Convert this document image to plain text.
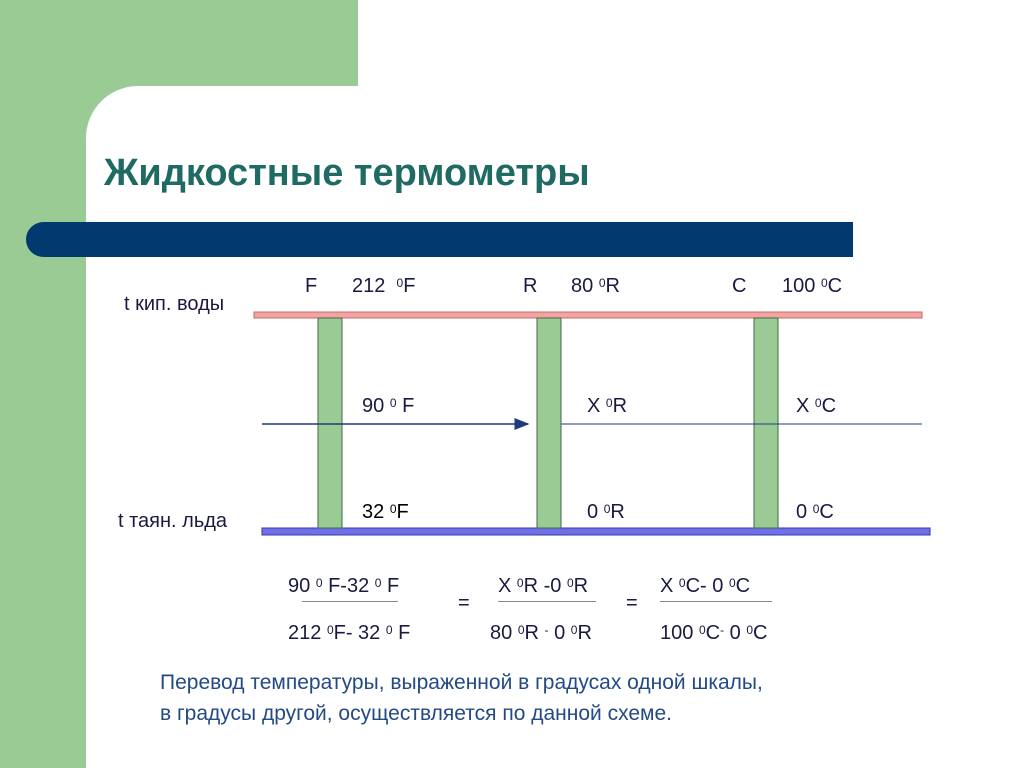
Жидкостные термометры
t кип. воды
t таян. льда
F 212 $^0$F	R 80 $^0$R	C 100 $^0$C
90 $^0$ F	X $^0$R	X $^0$C
32 $^0$F	0 $^0$R	0 $^0$C
90 $^0$ F-32 $^0$ F
212 $^0$F- 32 $^0$ F
=
X $^0$R -0 $^0$R
80 $^0$R - 0 $^0$R
=
X $^0$C- 0 $^0$C
100 $^0$C- 0 $^0$C
Перевод температуры, выраженной в градусах одной шкалы,
в градусы другой, осуществляется по данной схеме.
